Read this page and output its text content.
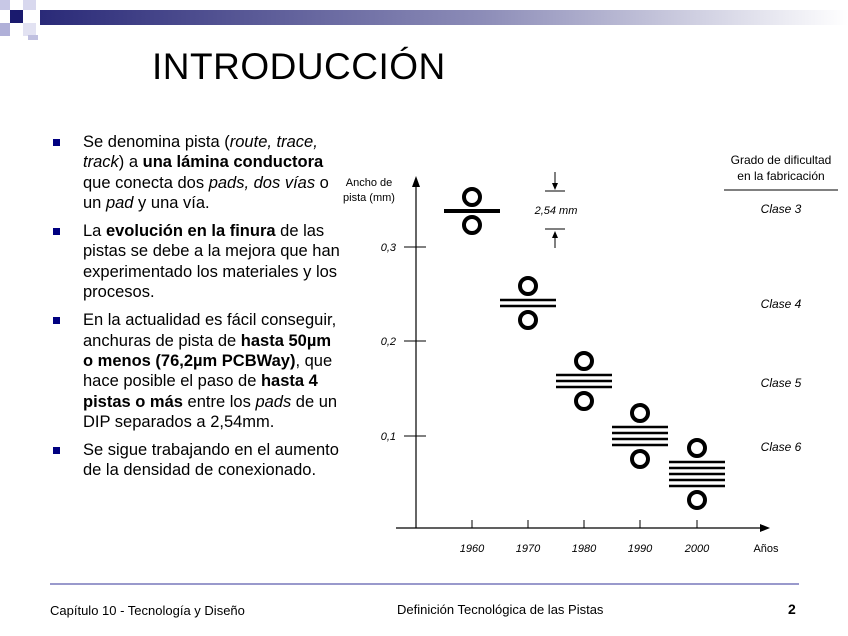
INTRODUCCIÓN
Se denomina pista (route, trace, track) a una lámina conductora que conecta dos pads, dos vías o un pad y una vía.
La evolución en la finura de las pistas se debe a la mejora que han experimentado los materiales y los procesos.
En la actualidad es fácil conseguir, anchuras de pista de hasta 50µm o menos (76,2µm PCBWay), que hace posible el paso de hasta 4 pistas o más entre los pads de un DIP separados a 2,54mm.
Se sigue trabajando en el aumento de la densidad de conexionado.
Ancho de
pista (mm)
0,3
0,2
0,1
1960	1970	1980	1990	2000	Años
2,54 mm
Grado de dificultad
en la fabricación
Clase 3
Clase 4
Clase 5
Clase 6
Capítulo 10 - Tecnología y Diseño	Definición Tecnológica de las Pistas	2
